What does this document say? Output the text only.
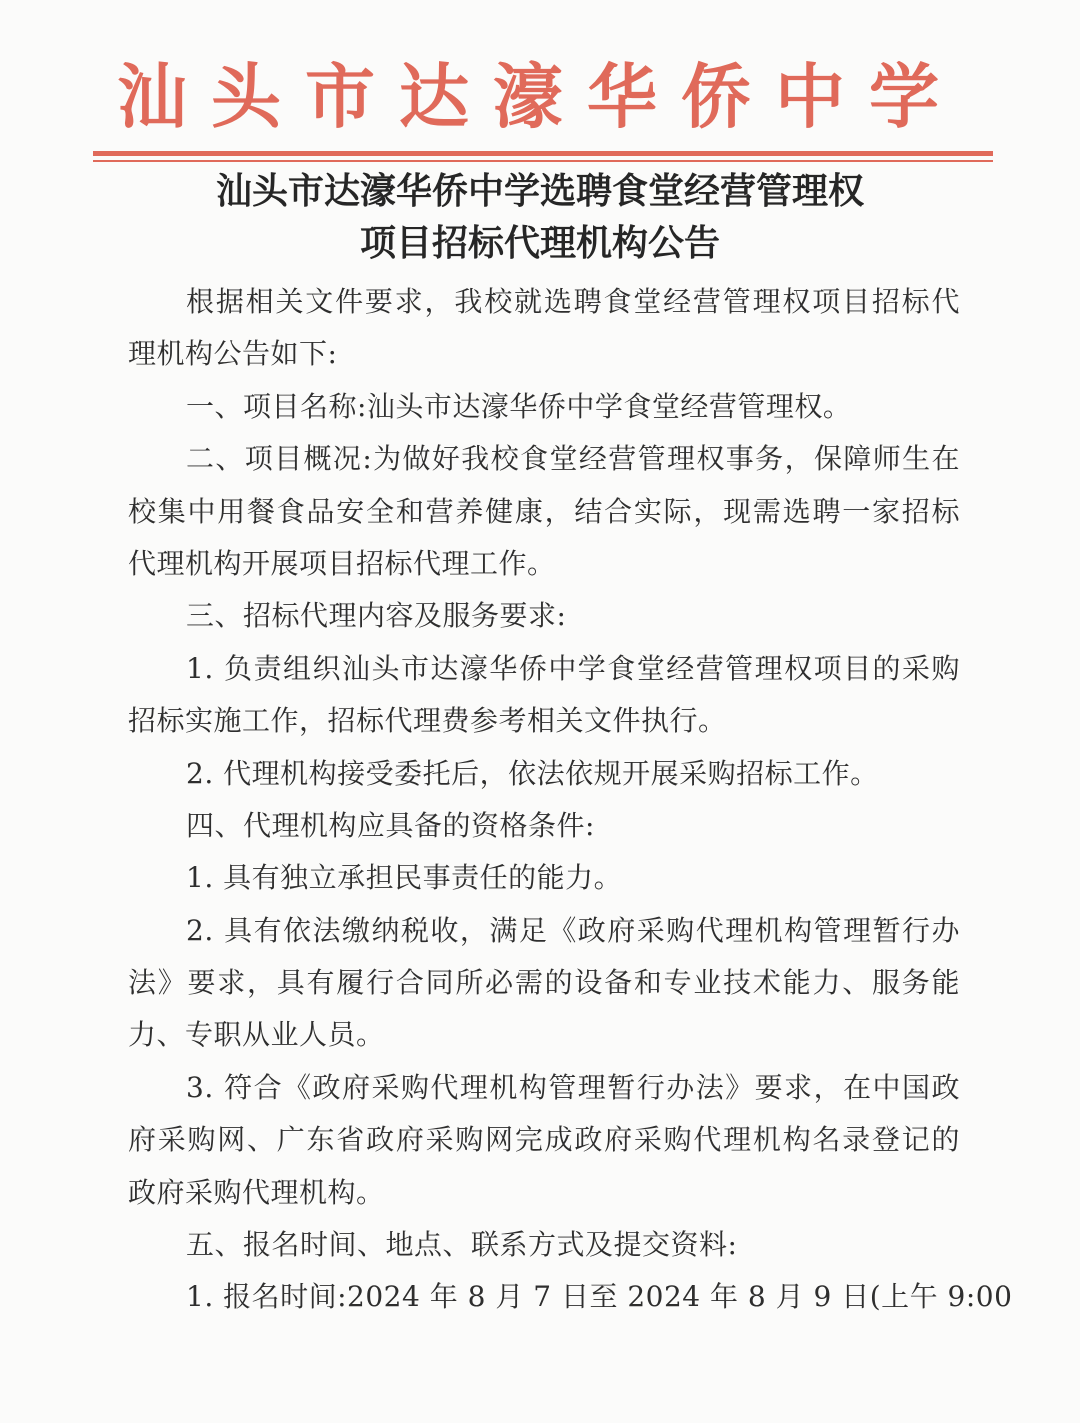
汕头市达濠华侨中学
汕头市达濠华侨中学选聘食堂经营管理权
项目招标代理机构公告
根据相关文件要求，我校就选聘食堂经营管理权项目招标代
理机构公告如下:
一、项目名称:汕头市达濠华侨中学食堂经营管理权。
二、项目概况:为做好我校食堂经营管理权事务，保障师生在
校集中用餐食品安全和营养健康，结合实际，现需选聘一家招标
代理机构开展项目招标代理工作。
三、招标代理内容及服务要求:
1. 负责组织汕头市达濠华侨中学食堂经营管理权项目的采购
招标实施工作，招标代理费参考相关文件执行。
2. 代理机构接受委托后，依法依规开展采购招标工作。
四、代理机构应具备的资格条件:
1. 具有独立承担民事责任的能力。
2. 具有依法缴纳税收，满足《政府采购代理机构管理暂行办
法》要求，具有履行合同所必需的设备和专业技术能力、服务能
力、专职从业人员。
3. 符合《政府采购代理机构管理暂行办法》要求，在中国政
府采购网、广东省政府采购网完成政府采购代理机构名录登记的
政府采购代理机构。
五、报名时间、地点、联系方式及提交资料:
1. 报名时间:2024 年 8 月 7 日至 2024 年 8 月 9 日(上午 9:00
